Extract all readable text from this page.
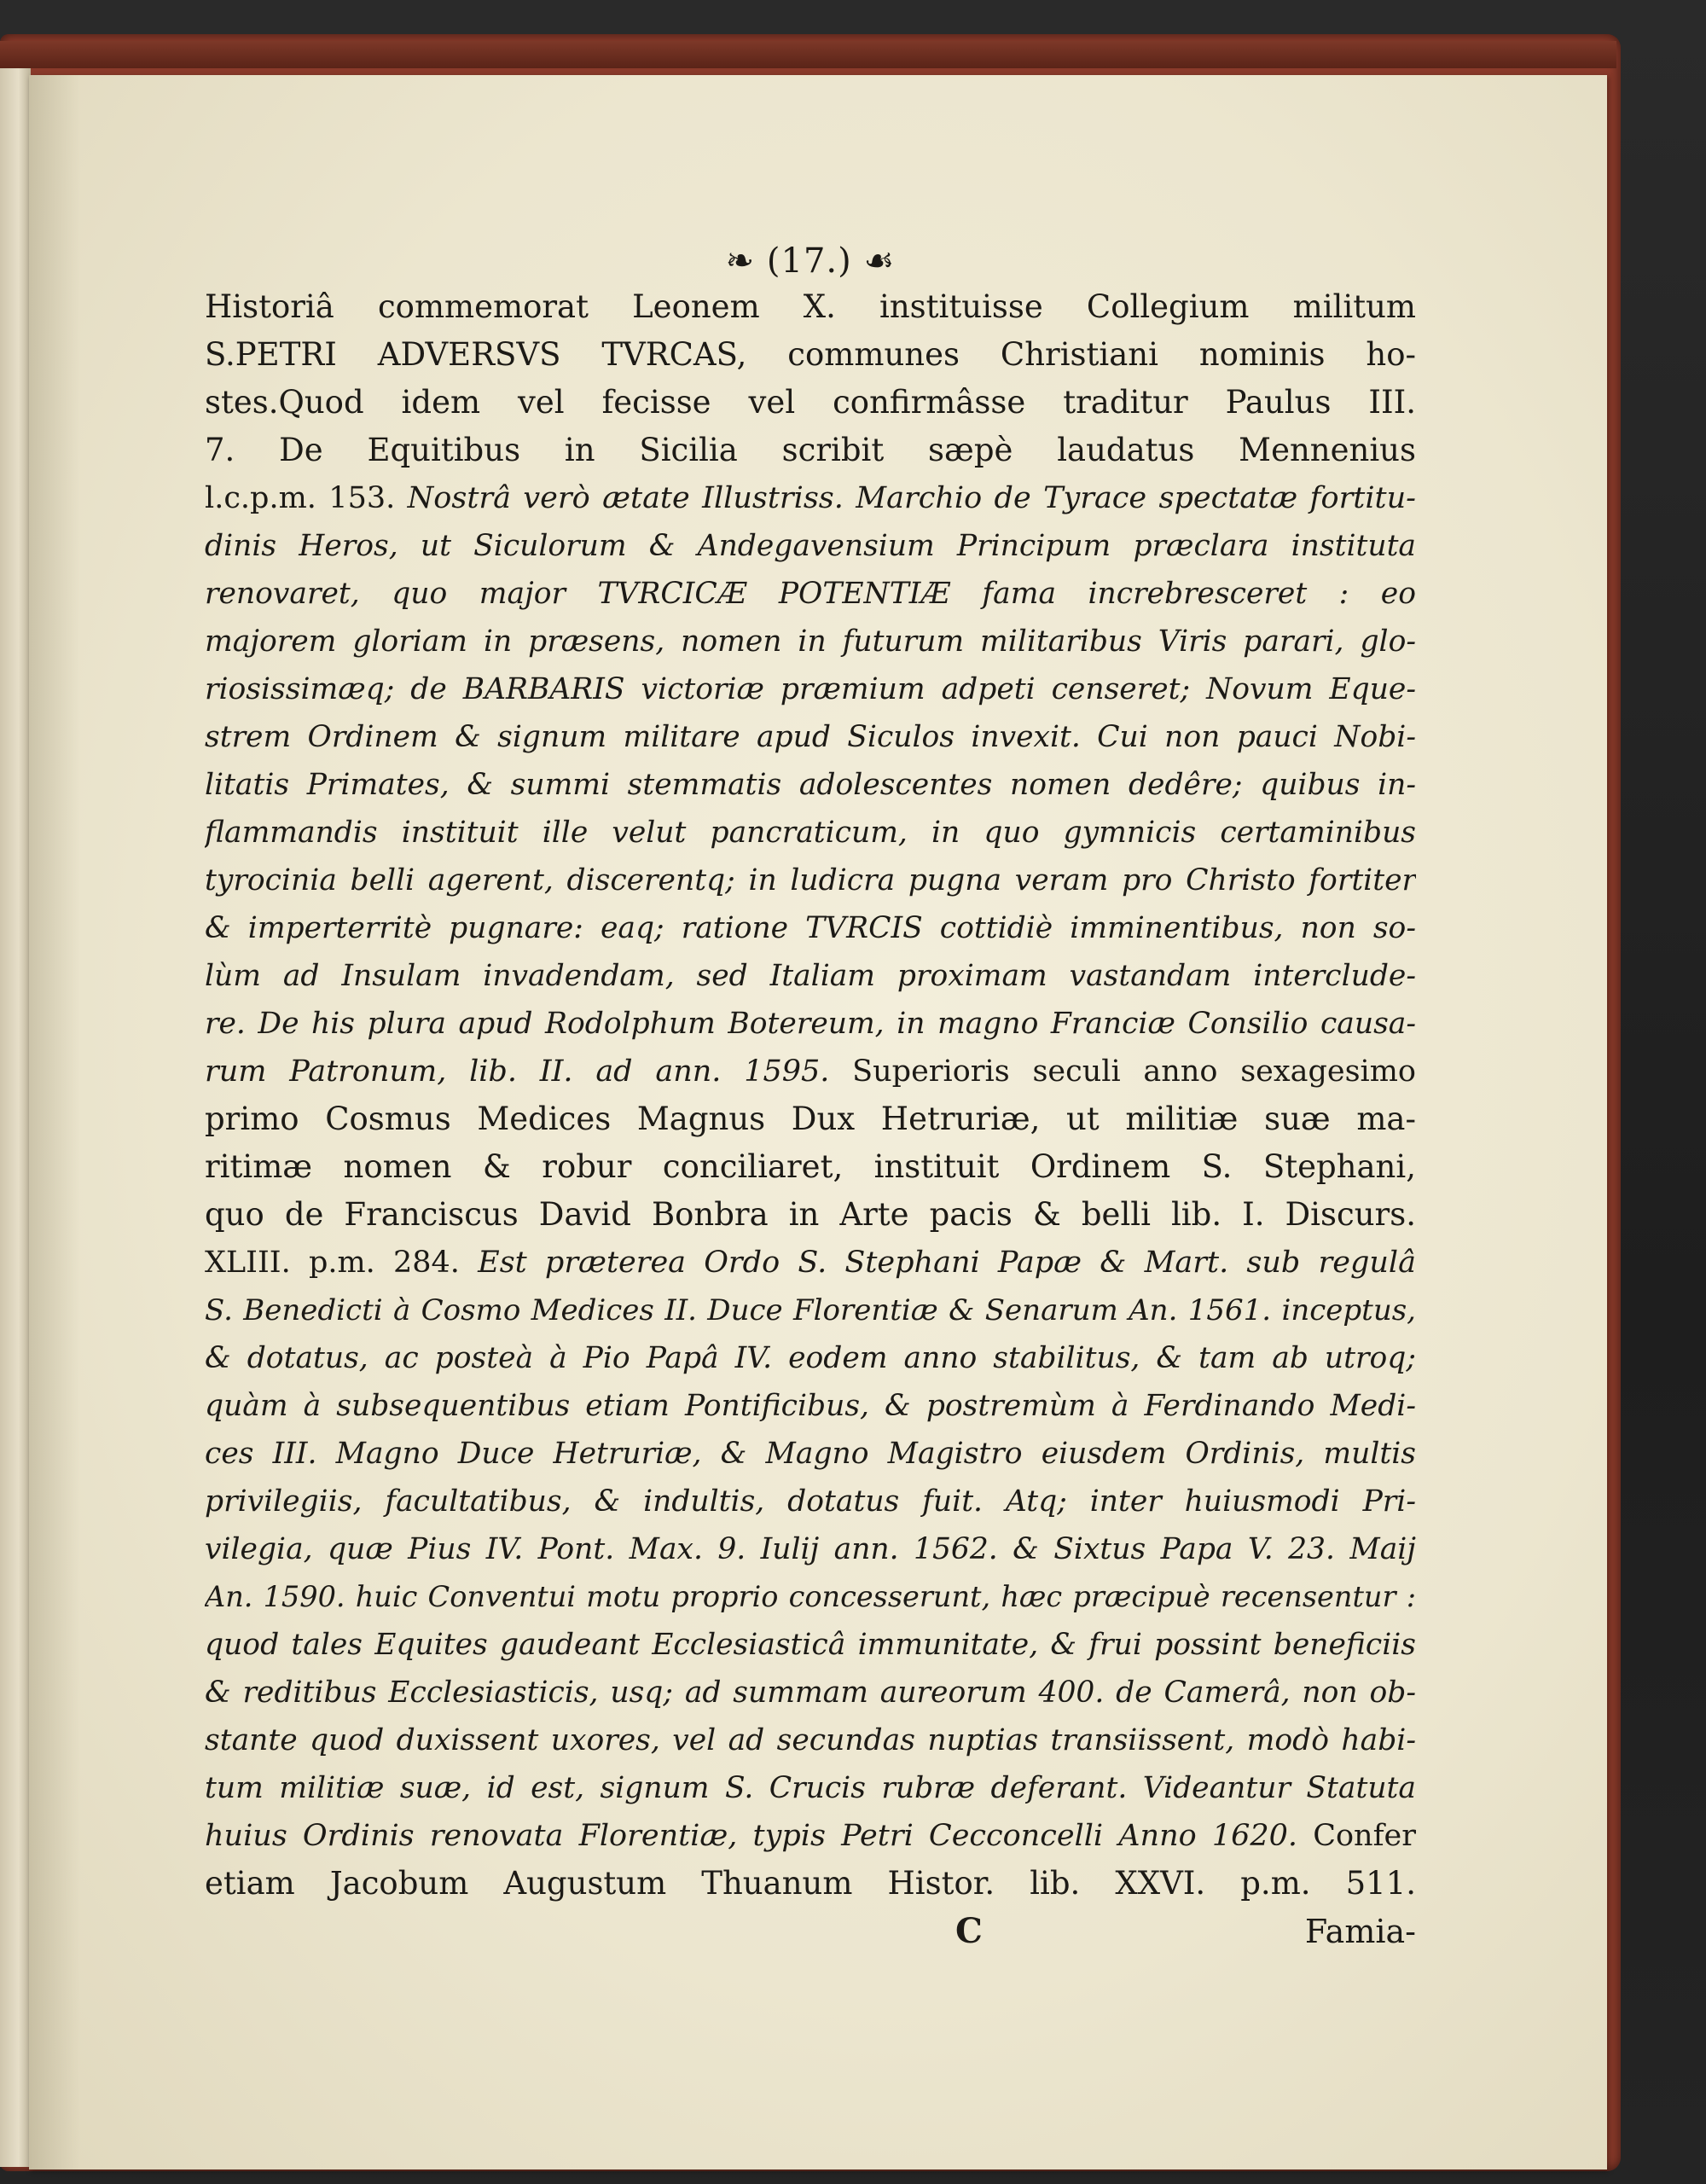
❧ (17.) ☙
Historiâ commemorat Leonem X. instituisse Collegium militum
S.PETRI ADVERSVS TVRCAS, communes Christiani nominis ho-
stes.Quod idem vel fecisse vel confirmâsse traditur Paulus III.
7. De Equitibus in Sicilia scribit sæpè laudatus Mennenius
l.c.p.m. 153. Nostrâ verò ætate Illustriss. Marchio de Tyrace spectatæ fortitu-
dinis Heros, ut Siculorum & Andegavensium Principum præclara instituta
renovaret, quo major TVRCICÆ POTENTIÆ fama increbresceret : eo
majorem gloriam in præsens, nomen in futurum militaribus Viris parari, glo-
riosissimæq; de BARBARIS victoriæ præmium adpeti censeret; Novum Eque-
strem Ordinem & signum militare apud Siculos invexit. Cui non pauci Nobi-
litatis Primates, & summi stemmatis adolescentes nomen dedêre; quibus in-
flammandis instituit ille velut pancraticum, in quo gymnicis certaminibus
tyrocinia belli agerent, discerentq; in ludicra pugna veram pro Christo fortiter
& imperterritè pugnare: eaq; ratione TVRCIS cottidiè imminentibus, non so-
lùm ad Insulam invadendam, sed Italiam proximam vastandam interclude-
re. De his plura apud Rodolphum Botereum, in magno Franciæ Consilio causa-
rum Patronum, lib. II. ad ann. 1595. Superioris seculi anno sexagesimo
primo Cosmus Medices Magnus Dux Hetruriæ, ut militiæ suæ ma-
ritimæ nomen & robur conciliaret, instituit Ordinem S. Stephani,
quo de Franciscus David Bonbra in Arte pacis & belli lib. I. Discurs.
XLIII. p.m. 284. Est præterea Ordo S. Stephani Papæ & Mart. sub regulâ
S. Benedicti à Cosmo Medices II. Duce Florentiæ & Senarum An. 1561. inceptus,
& dotatus, ac posteà à Pio Papâ IV. eodem anno stabilitus, & tam ab utroq;
quàm à subsequentibus etiam Pontificibus, & postremùm à Ferdinando Medi-
ces III. Magno Duce Hetruriæ, & Magno Magistro eiusdem Ordinis, multis
privilegiis, facultatibus, & indultis, dotatus fuit. Atq; inter huiusmodi Pri-
vilegia, quæ Pius IV. Pont. Max. 9. Iulij ann. 1562. & Sixtus Papa V. 23. Maij
An. 1590. huic Conventui motu proprio concesserunt, hæc præcipuè recensentur :
quod tales Equites gaudeant Ecclesiasticâ immunitate, & frui possint beneficiis
& reditibus Ecclesiasticis, usq; ad summam aureorum 400. de Camerâ, non ob-
stante quod duxissent uxores, vel ad secundas nuptias transiissent, modò habi-
tum militiæ suæ, id est, signum S. Crucis rubræ deferant. Videantur Statuta
huius Ordinis renovata Florentiæ, typis Petri Cecconcelli Anno 1620. Confer
etiam Jacobum Augustum Thuanum Histor. lib. XXVI. p.m. 511.
C	Famia-
